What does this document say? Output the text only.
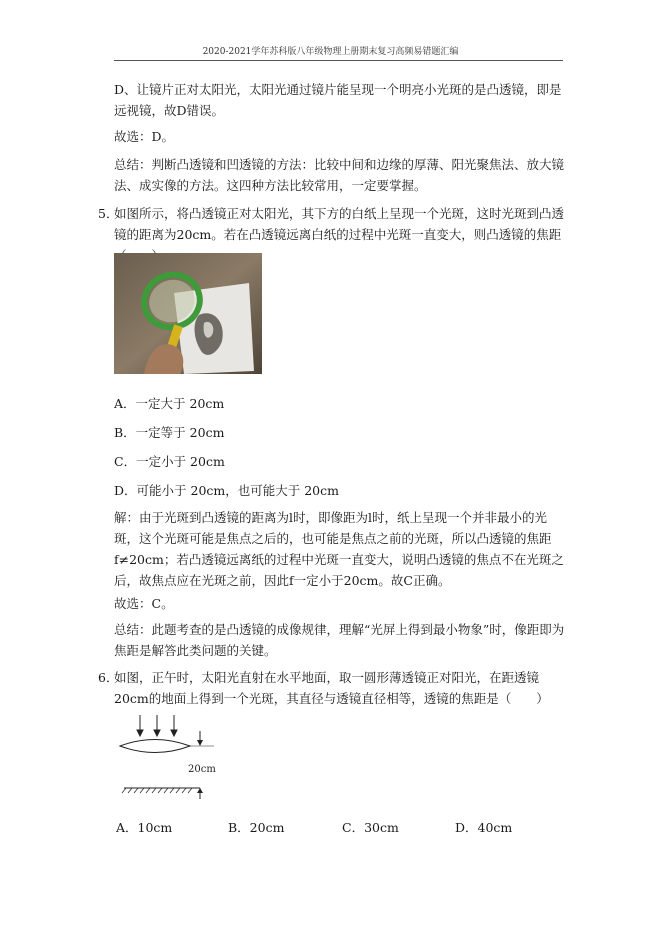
2020-2021学年苏科版八年级物理上册期末复习高频易错题汇编
D、让镜片正对太阳光，太阳光通过镜片能呈现一个明亮小光斑的是凸透镜，即是远视镜，故D错误。
故选：D。
总结：判断凸透镜和凹透镜的方法：比较中间和边缘的厚薄、阳光聚焦法、放大镜法、成实像的方法。这四种方法比较常用，一定要掌握。
5．
如图所示，将凸透镜正对太阳光，其下方的白纸上呈现一个光斑，这时光斑到凸透镜的距离为20cm。若在凸透镜远离白纸的过程中光斑一直变大，则凸透镜的焦距　　
A．一定大于 20cm
B．一定等于 20cm
C．一定小于 20cm
D．可能小于 20cm，也可能大于 20cm
解：由于光斑到凸透镜的距离为l时，即像距为l时，纸上呈现一个并非最小的光斑，这个光斑可能是焦点之后的，也可能是焦点之前的光斑，所以凸透镜的焦距f≠20cm；若凸透镜远离纸的过程中光斑一直变大，说明凸透镜的焦点不在光斑之后，故焦点应在光斑之前，因此f一定小于20cm。故C正确。
故选：C。
总结：此题考查的是凸透镜的成像规律，理解“光屏上得到最小物象”时，像距即为焦距是解答此类问题的关键。
6．
如图，正午时，太阳光直射在水平地面，取一圆形薄透镜正对阳光，在距透镜20cm的地面上得到一个光斑，其直径与透镜直径相等，透镜的焦距是（　　）
20cm
A．10cm	B．20cm	C．30cm	D．40cm
